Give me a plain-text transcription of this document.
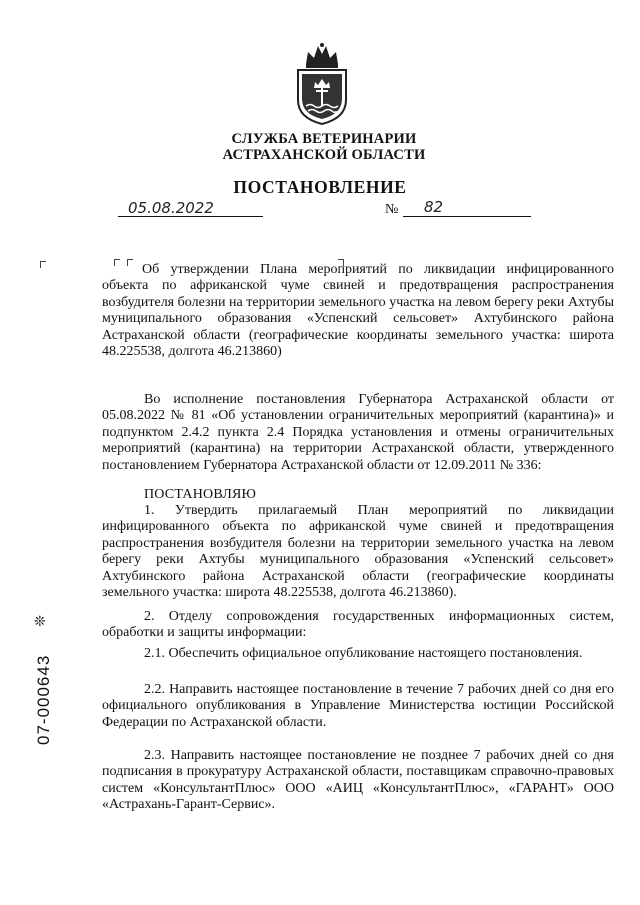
СЛУЖБА ВЕТЕРИНАРИИ
АСТРАХАНСКОЙ ОБЛАСТИ
ПОСТАНОВЛЕНИЕ
05.08.2022	№ 82
Об утверждении Плана мероприятий по ликвидации инфицированного объекта по африканской чуме свиней и предотвращения распространения возбудителя болезни на территории земельного участка на левом берегу реки Ахтубы муниципального образования «Успенский сельсовет» Ахтубинского района Астраханской области (географические координаты земельного участка: широта 48.225538, долгота 46.213860)
Во исполнение постановления Губернатора Астраханской области от 05.08.2022 № 81 «Об установлении ограничительных мероприятий (карантина)» и подпунктом 2.4.2 пункта 2.4 Порядка установления и отмены ограничительных мероприятий (карантина) на территории Астраханской области, утвержденного постановлением Губернатора Астраханской области от 12.09.2011 № 336:
ПОСТАНОВЛЯЮ
1. Утвердить прилагаемый План мероприятий по ликвидации инфицированного объекта по африканской чуме свиней и предотвращения распространения возбудителя болезни на территории земельного участка на левом берегу реки Ахтубы муниципального образования «Успенский сельсовет» Ахтубинского района Астраханской области (географические координаты земельного участка: широта 48.225538, долгота 46.213860).
2. Отделу сопровождения государственных информационных систем, обработки и защиты информации:
2.1. Обеспечить официальное опубликование настоящего постановления.
2.2. Направить настоящее постановление в течение 7 рабочих дней со дня его официального опубликования в Управление Министерства юстиции Российской Федерации по Астраханской области.
2.3. Направить настоящее постановление не позднее 7 рабочих дней со дня подписания в прокуратуру Астраханской области, поставщикам справочно-правовых систем «КонсультантПлюс» ООО «АИЦ «КонсультантПлюс», «ГАРАНТ» ООО «Астрахань-Гарант-Сервис».
❊
07-000643
